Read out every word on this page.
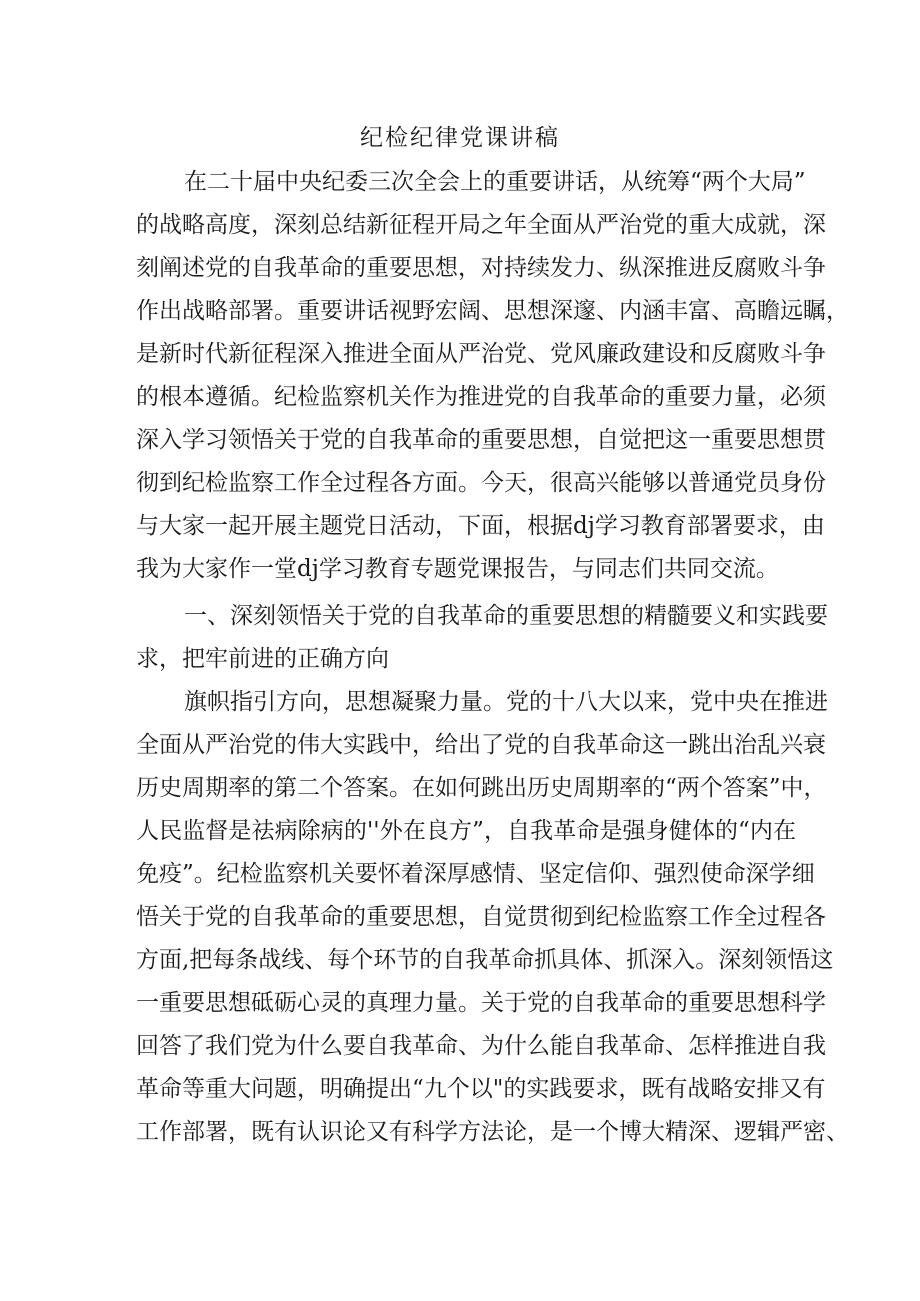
纪检纪律党课讲稿
在二十届中央纪委三次全会上的重要讲话，从统筹“两个大局”
的战略高度，深刻总结新征程开局之年全面从严治党的重大成就，深
刻阐述党的自我革命的重要思想，对持续发力、纵深推进反腐败斗争
作出战略部署。重要讲话视野宏阔、思想深邃、内涵丰富、高瞻远瞩，
是新时代新征程深入推进全面从严治党、党风廉政建设和反腐败斗争
的根本遵循。纪检监察机关作为推进党的自我革命的重要力量，必须
深入学习领悟关于党的自我革命的重要思想，自觉把这一重要思想贯
彻到纪检监察工作全过程各方面。今天，很高兴能够以普通党员身份
与大家一起开展主题党日活动，下面，根据dj学习教育部署要求，由
我为大家作一堂dj学习教育专题党课报告，与同志们共同交流。
一、深刻领悟关于党的自我革命的重要思想的精髓要义和实践要
求，把牢前进的正确方向
旗帜指引方向，思想凝聚力量。党的十八大以来，党中央在推进
全面从严治党的伟大实践中，给出了党的自我革命这一跳出治乱兴衰
历史周期率的第二个答案。在如何跳出历史周期率的“两个答案”中，
人民监督是祛病除病的''外在良方”，自我革命是强身健体的“内在
免疫”。纪检监察机关要怀着深厚感情、坚定信仰、强烈使命深学细
悟关于党的自我革命的重要思想，自觉贯彻到纪检监察工作全过程各
方面,把每条战线、每个环节的自我革命抓具体、抓深入。深刻领悟这
一重要思想砥砺心灵的真理力量。关于党的自我革命的重要思想科学
回答了我们党为什么要自我革命、为什么能自我革命、怎样推进自我
革命等重大问题，明确提出“九个以"的实践要求，既有战略安排又有
工作部署，既有认识论又有科学方法论，是一个博大精深、逻辑严密、
